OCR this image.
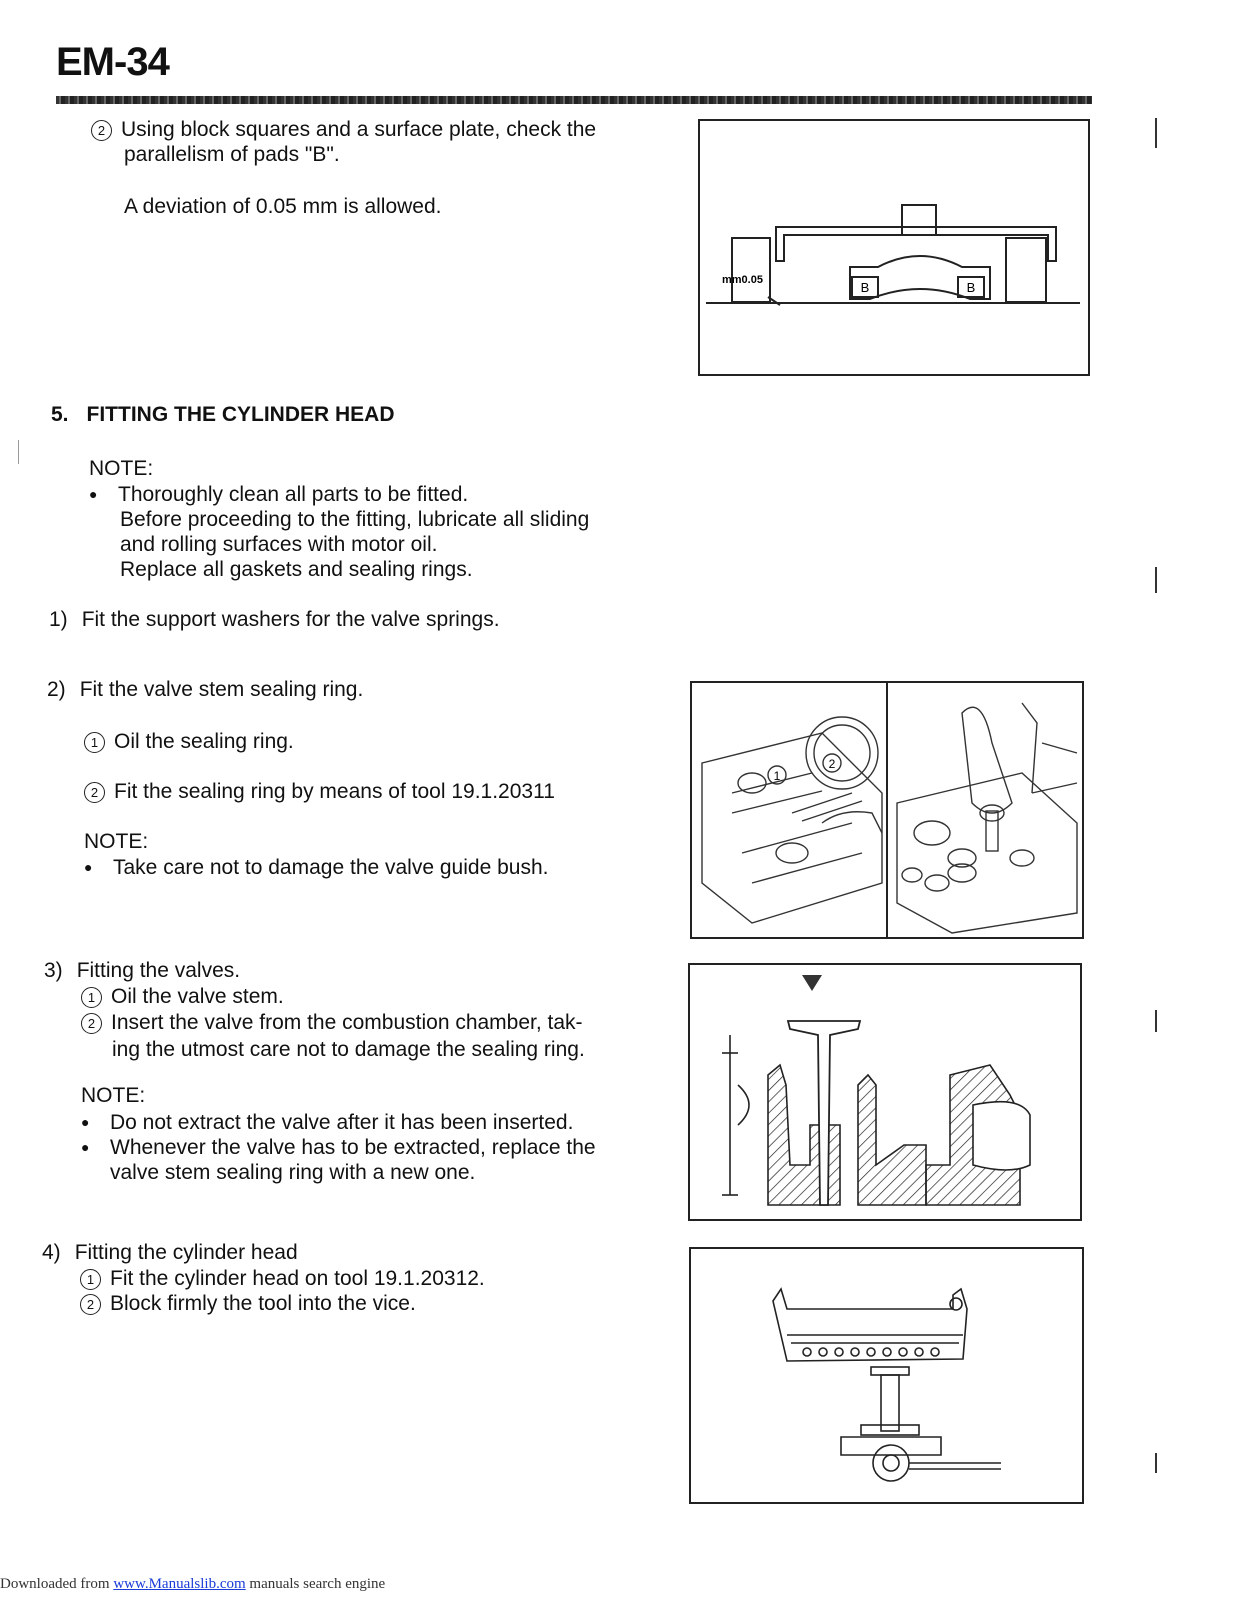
EM-34
2 Using block squares and a surface plate, check the
parallelism of pads "B".
A deviation of 0.05 mm is allowed.
B	B
mm0.05
5. FITTING THE CYLINDER HEAD
NOTE:
● Thoroughly clean all parts to be fitted.
Before proceeding to the fitting, lubricate all sliding
and rolling surfaces with motor oil.
Replace all gaskets and sealing rings.
1) Fit the support washers for the valve springs.
2) Fit the valve stem sealing ring.
1 Oil the sealing ring.
2 Fit the sealing ring by means of tool 19.1.20311
NOTE:
● Take care not to damage the valve guide bush.
1
2
3) Fitting the valves.
1 Oil the valve stem.
2 Insert the valve from the combustion chamber, tak-
ing the utmost care not to damage the sealing ring.
NOTE:
● Do not extract the valve after it has been inserted.
● Whenever the valve has to be extracted, replace the
valve stem sealing ring with a new one.
4) Fitting the cylinder head
1 Fit the cylinder head on tool 19.1.20312.
2 Block firmly the tool into the vice.
Downloaded from www.Manualslib.com manuals search engine
